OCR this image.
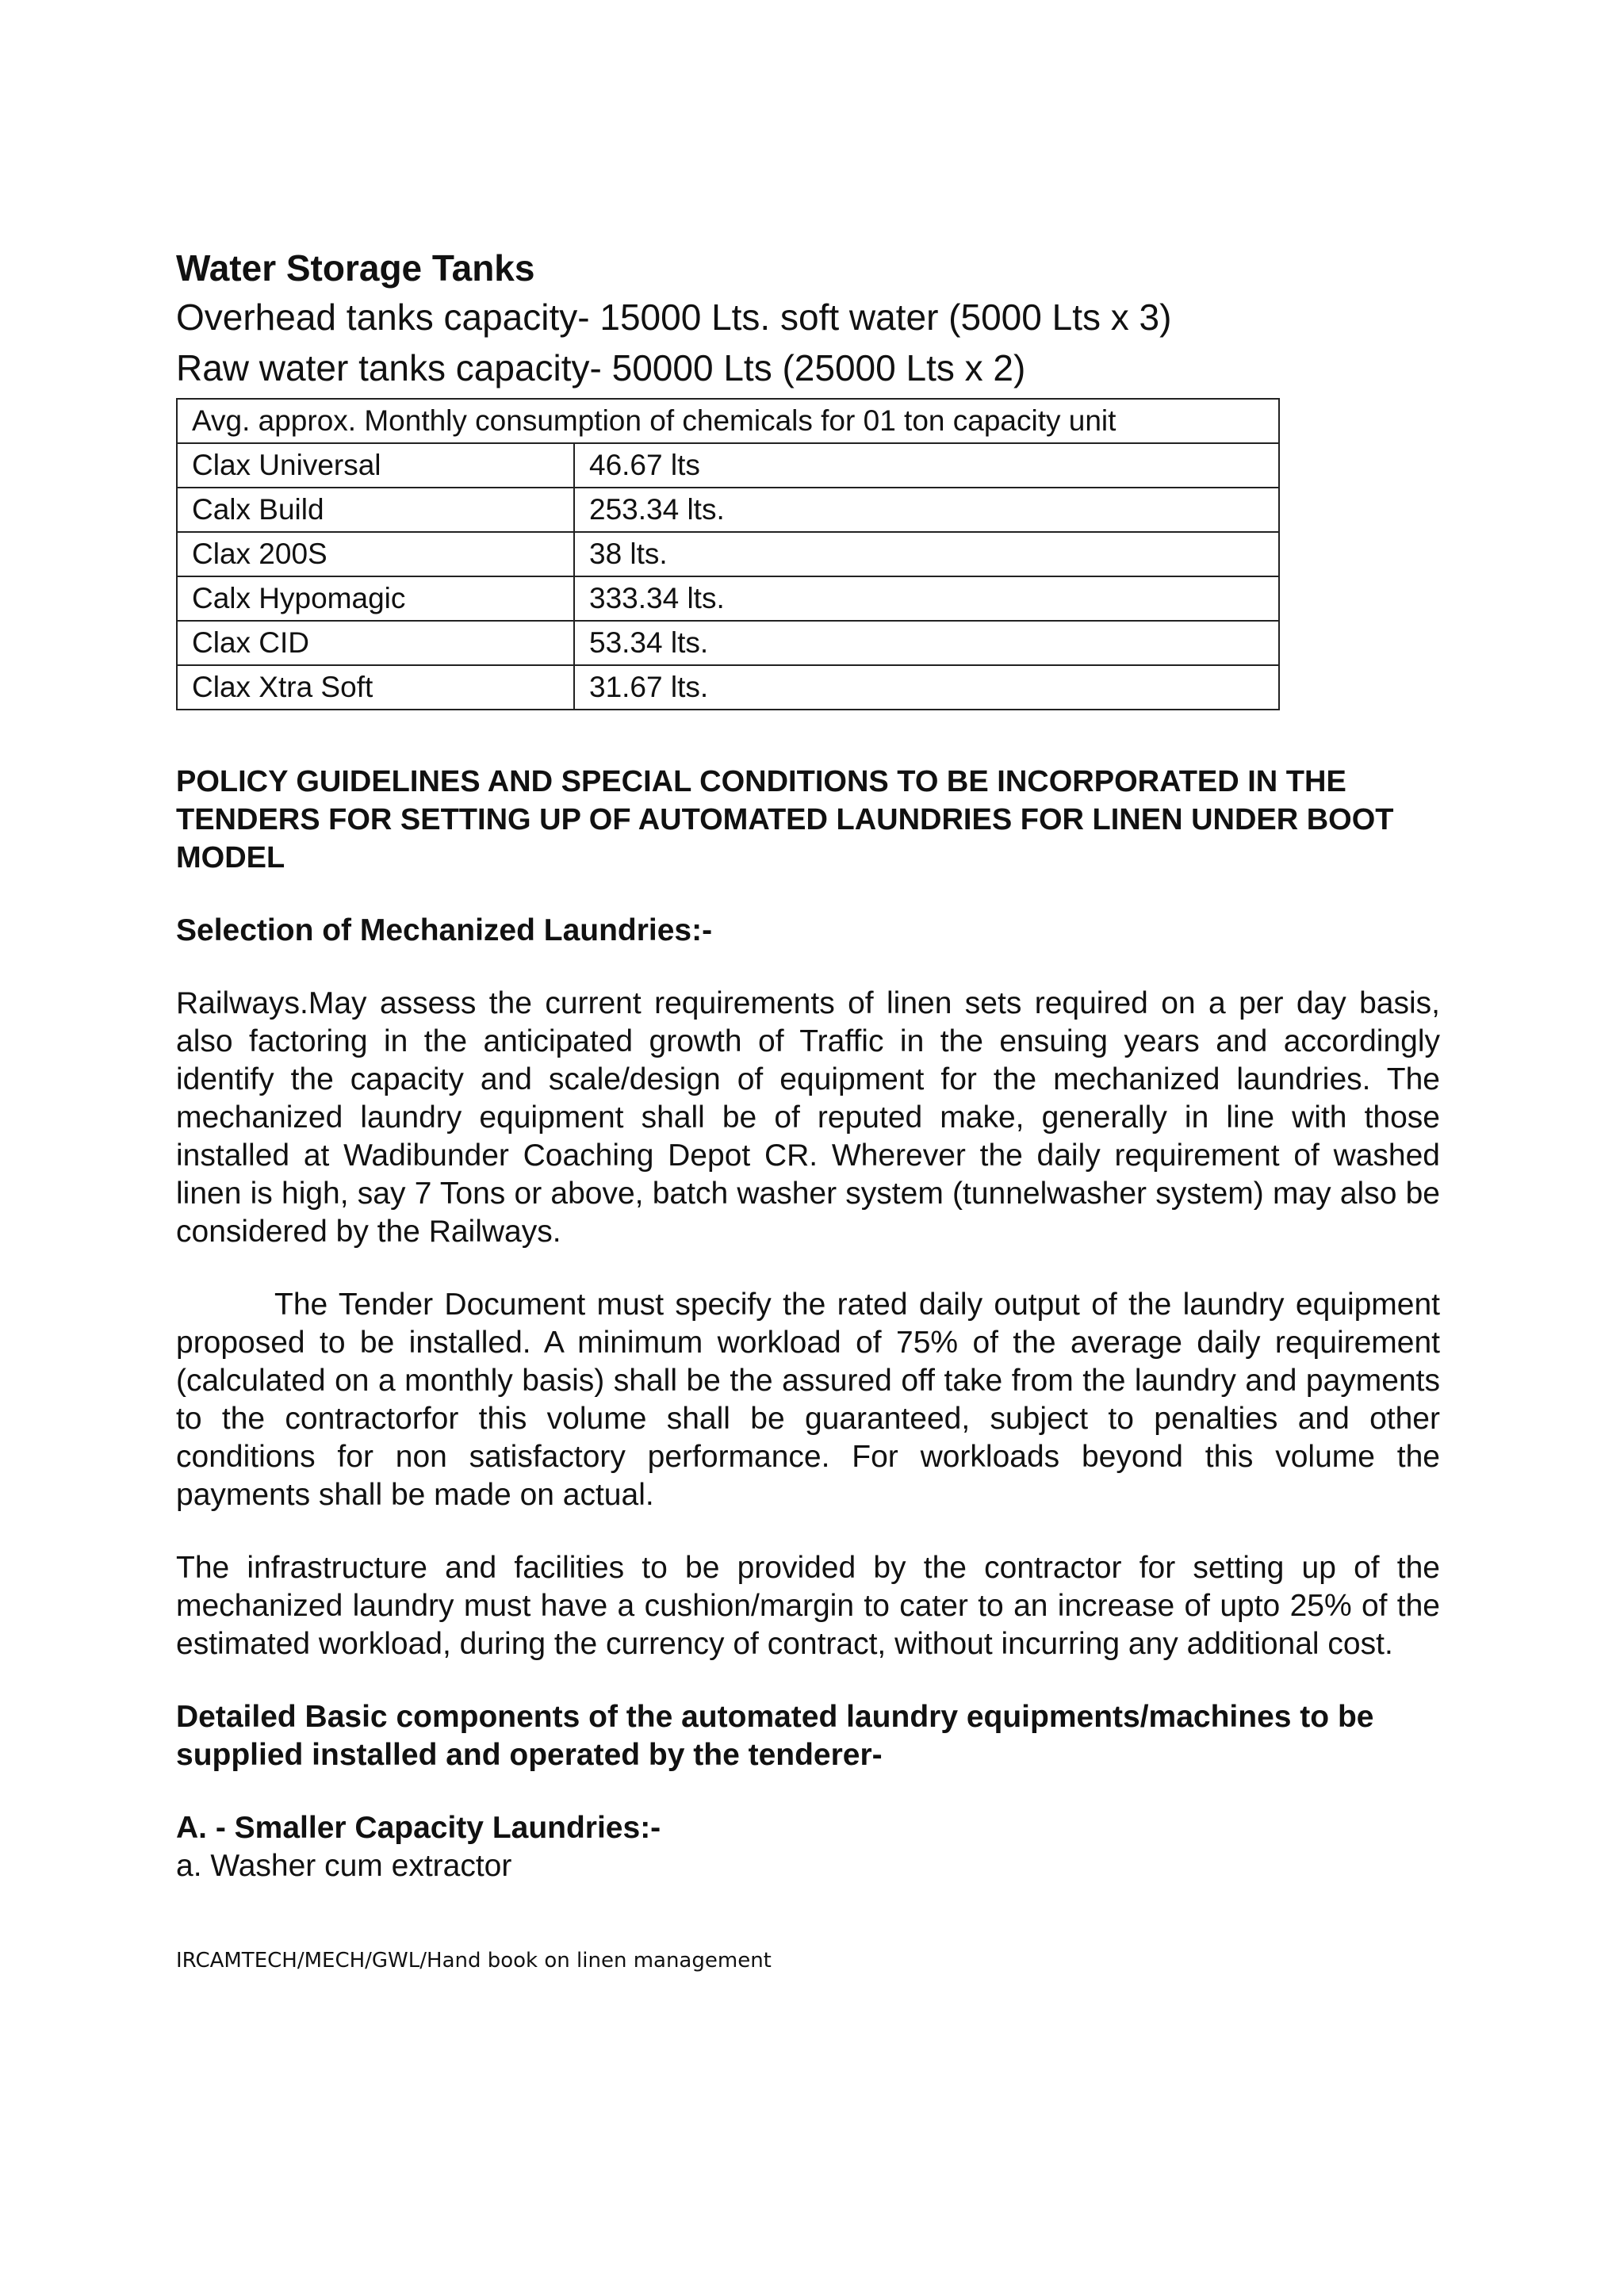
Water Storage Tanks

Overhead tanks capacity- 15000 Lts. soft water (5000 Lts x 3)

Raw water tanks capacity- 50000 Lts (25000 Lts x 2)

Avg. approx. Monthly consumption of chemicals for 01 ton capacity unit	
Clax Universal	46.67 lts
Calx Build	253.34 lts.
Clax 200S	38 lts.
Calx Hypomagic	333.34 lts.
Clax CID	53.34 lts.
Clax Xtra Soft	31.67 lts.

POLICY GUIDELINES AND SPECIAL CONDITIONS TO BE INCORPORATED IN THE TENDERS FOR SETTING UP OF AUTOMATED LAUNDRIES FOR LINEN UNDER BOOT MODEL

Selection of Mechanized Laundries:-

Railways.May assess the current requirements of linen sets required on a per day basis, also factoring in the anticipated growth of Traffic in the ensuing years and accordingly identify the capacity and scale/design of equipment for the mechanized laundries. The mechanized laundry equipment shall be of reputed make, generally in line with those installed at Wadibunder Coaching Depot CR. Wherever the daily requirement of washed linen is high, say 7 Tons or above, batch washer system (tunnelwasher system) may also be considered by the Railways.

The Tender Document must specify the rated daily output of the laundry equipment proposed to be installed. A minimum workload of 75% of the average daily requirement (calculated on a monthly basis) shall be the assured off take from the laundry and payments to the contractorfor this volume shall be guaranteed, subject to penalties and other conditions for non satisfactory performance. For workloads beyond this volume the payments shall be made on actual.

The infrastructure and facilities to be provided by the contractor for setting up of the mechanized laundry must have a cushion/margin to cater to an increase of upto 25% of the estimated workload, during the currency of contract, without incurring any additional cost.

Detailed Basic components of the automated laundry equipments/machines to be supplied installed and operated by the tenderer-

A. - Smaller Capacity Laundries:-

a. Washer cum extractor

IRCAMTECH/MECH/GWL/Hand book on linen management
